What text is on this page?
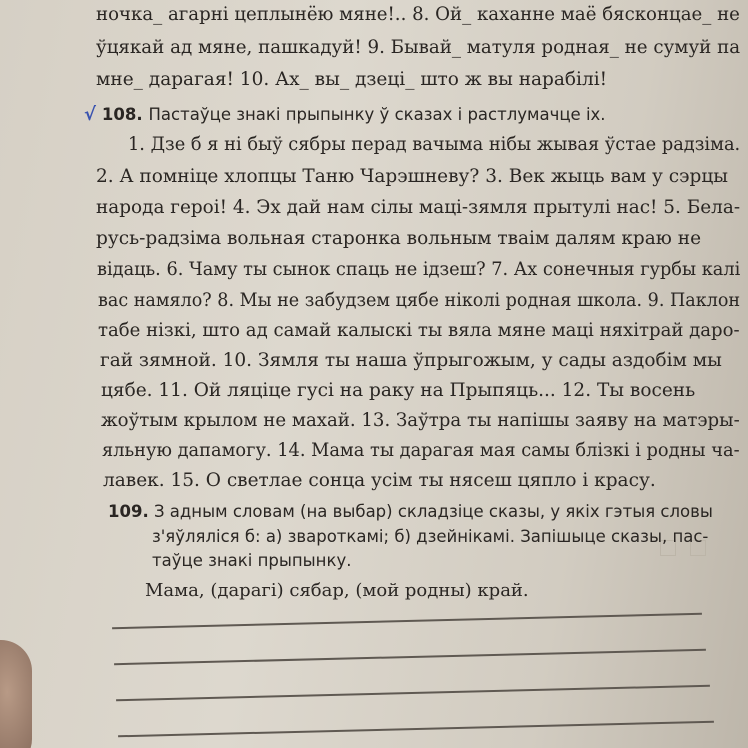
ночка_ агарні цеплынёю мяне!.. 8. Ой_ каханне маё бясконцае_ не
ўцякай ад мяне, пашкадуй! 9. Бывай_ матуля родная_ не сумуй па
мне_ дарагая! 10. Ах_ вы_ дзеці_ што ж вы нарабілі!
√ 108. Пастаўце знакі прыпынку ў сказах і растлумачце іх.
1. Дзе б я ні быў сябры перад вачыма нібы жывая ўстае радзіма.
2. А помніце хлопцы Таню Чарэшневу? 3. Век жыць вам у сэрцы
народа героі! 4. Эх дай нам сілы маці-зямля прытулі нас! 5. Бела-
русь-радзіма вольная старонка вольным тваім далям краю не
відаць. 6. Чаму ты сынок спаць не ідзеш? 7. Ах сонечныя гурбы калі
вас намяло? 8. Мы не забудзем цябе ніколі родная школа. 9. Паклон
табе нізкі, што ад самай калыскі ты вяла мяне маці няхітрай даро-
гай зямной. 10. Зямля ты наша ўпрыгожым, у сады аздобім мы
цябе. 11. Ой ляціце гусі на раку на Прыпяць... 12. Ты восень
жоўтым крылом не махай. 13. Заўтра ты напішы заяву на матэры-
яльную дапамогу. 14. Мама ты дарагая мая самы блізкі і родны ча-
лавек. 15. О светлае сонца усім ты нясеш цяпло і красу.
109. З адным словам (на выбар) складзіце сказы, у якіх гэтыя словы
з'яўляліся б: а) звароткамі; б) дзейнікамі. Запішыце сказы, пас-
таўце знакі прыпынку.
Мама, (дарагі) сябар, (мой родны) край.
